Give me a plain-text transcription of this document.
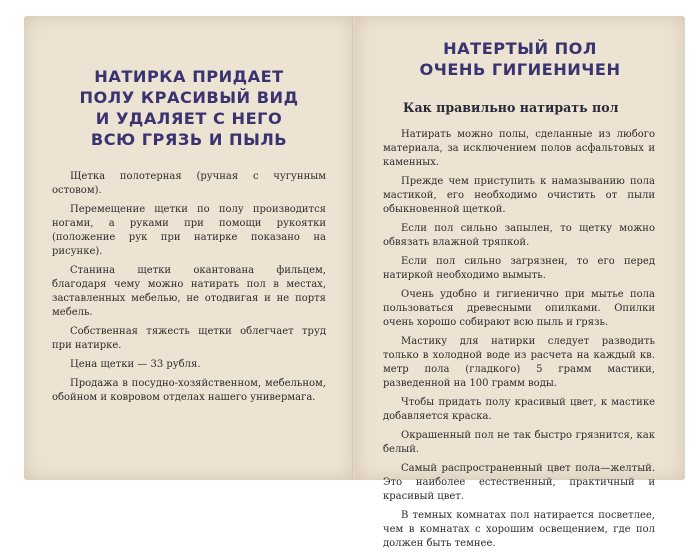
НАТИРКА ПРИДАЕТ
ПОЛУ КРАСИВЫЙ ВИД
И УДАЛЯЕТ С НЕГО
ВСЮ ГРЯЗЬ И ПЫЛЬ

Щетка полотерная (ручная с чугунным остовом).

Перемещение щетки по полу производится ногами, а руками при помощи рукоятки (положение рук при натирке показано на рисунке).

Станина щетки окантована фильцем, благодаря чему можно натирать пол в местах, заставленных мебелью, не отодвигая и не портя мебель.

Собственная тяжесть щетки облегчает труд при натирке.

Цена щетки — 33 рубля.

Продажа в посудно-хозяйственном, мебельном, обойном и ковровом отделах нашего универмага.

НАТЕРТЫЙ ПОЛ
ОЧЕНЬ ГИГИЕНИЧЕН
Как правильно натирать пол

Натирать можно полы, сделанные из любого материала, за исключением полов асфальтовых и каменных.

Прежде чем приступить к намазыванию пола мастикой, его необходимо очистить от пыли обыкновенной щеткой.

Если пол сильно запылен, то щетку можно обвязать влажной тряпкой.

Если пол сильно загрязнен, то его перед натиркой необходимо вымыть.

Очень удобно и гигиенично при мытье пола пользоваться древесными опилками. Опилки очень хорошо собирают всю пыль и грязь.

Мастику для натирки следует разводить только в холодной воде из расчета на каждый кв. метр пола (гладкого) 5 грамм мастики, разведенной на 100 грамм воды.

Чтобы придать полу красивый цвет, к мастике добавляется краска.

Окрашенный пол не так быстро грязнится, как белый.

Самый распространенный цвет пола—желтый. Это наиболее естественный, практичный и красивый цвет.

В темных комнатах пол натирается посветлее, чем в комнатах с хорошим освещением, где пол должен быть темнее.
